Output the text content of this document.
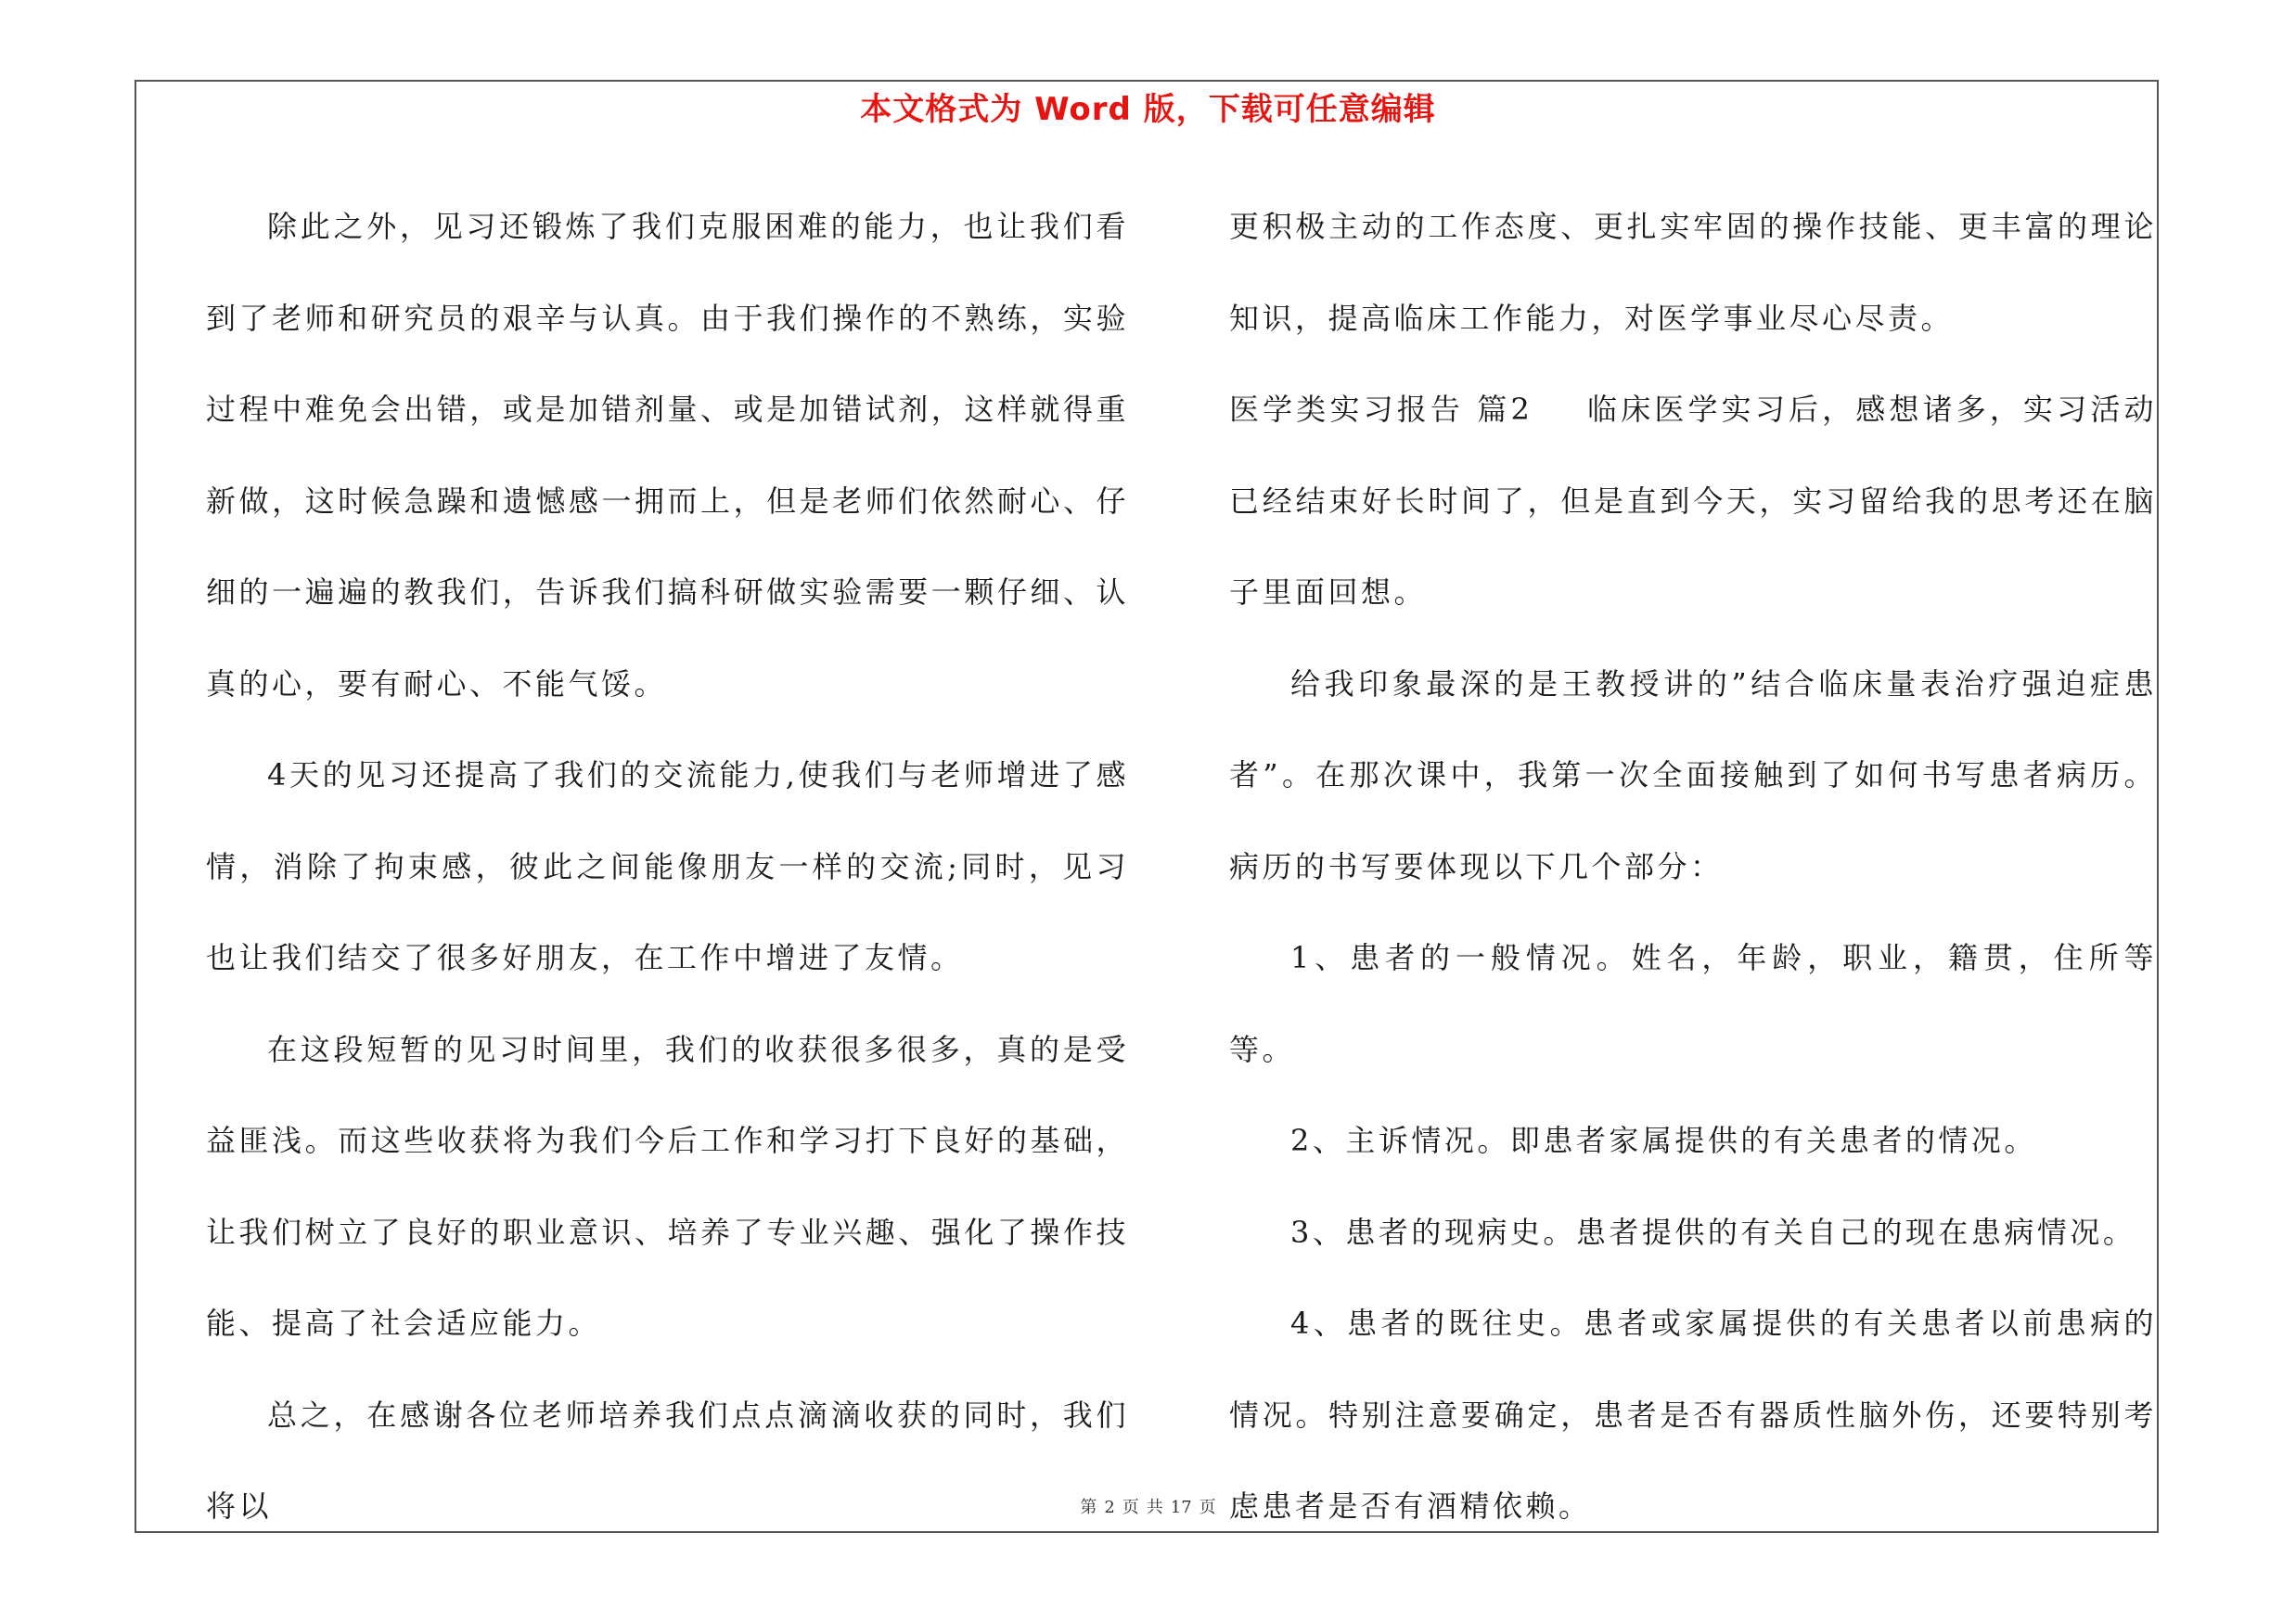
本文格式为 Word 版，下载可任意编辑

除此之外，见习还锻炼了我们克服困难的能力，也让我们看到了老师和研究员的艰辛与认真。由于我们操作的不熟练，实验过程中难免会出错，或是加错剂量、或是加错试剂，这样就得重新做，这时候急躁和遗憾感一拥而上，但是老师们依然耐心、仔细的一遍遍的教我们，告诉我们搞科研做实验需要一颗仔细、认真的心，要有耐心、不能气馁。

4天的见习还提高了我们的交流能力,使我们与老师增进了感情，消除了拘束感，彼此之间能像朋友一样的交流;同时，见习也让我们结交了很多好朋友，在工作中增进了友情。

在这段短暂的见习时间里，我们的收获很多很多，真的是受益匪浅。而这些收获将为我们今后工作和学习打下良好的基础，让我们树立了良好的职业意识、培养了专业兴趣、强化了操作技能、提高了社会适应能力。

总之，在感谢各位老师培养我们点点滴滴收获的同时，我们将以

更积极主动的工作态度、更扎实牢固的操作技能、更丰富的理论知识，提高临床工作能力，对医学事业尽心尽责。

医学类实习报告 篇2 临床医学实习后，感想诸多，实习活动已经结束好长时间了，但是直到今天，实习留给我的思考还在脑子里面回想。

给我印象最深的是王教授讲的”结合临床量表治疗强迫症患者”。在那次课中，我第一次全面接触到了如何书写患者病历。病历的书写要体现以下几个部分：

1、患者的一般情况。姓名，年龄，职业，籍贯，住所等等。

2、主诉情况。即患者家属提供的有关患者的情况。

3、患者的现病史。患者提供的有关自己的现在患病情况。

4、患者的既往史。患者或家属提供的有关患者以前患病的情况。特别注意要确定，患者是否有器质性脑外伤，还要特别考虑患者是否有酒精依赖。

第 2 页 共 17 页
